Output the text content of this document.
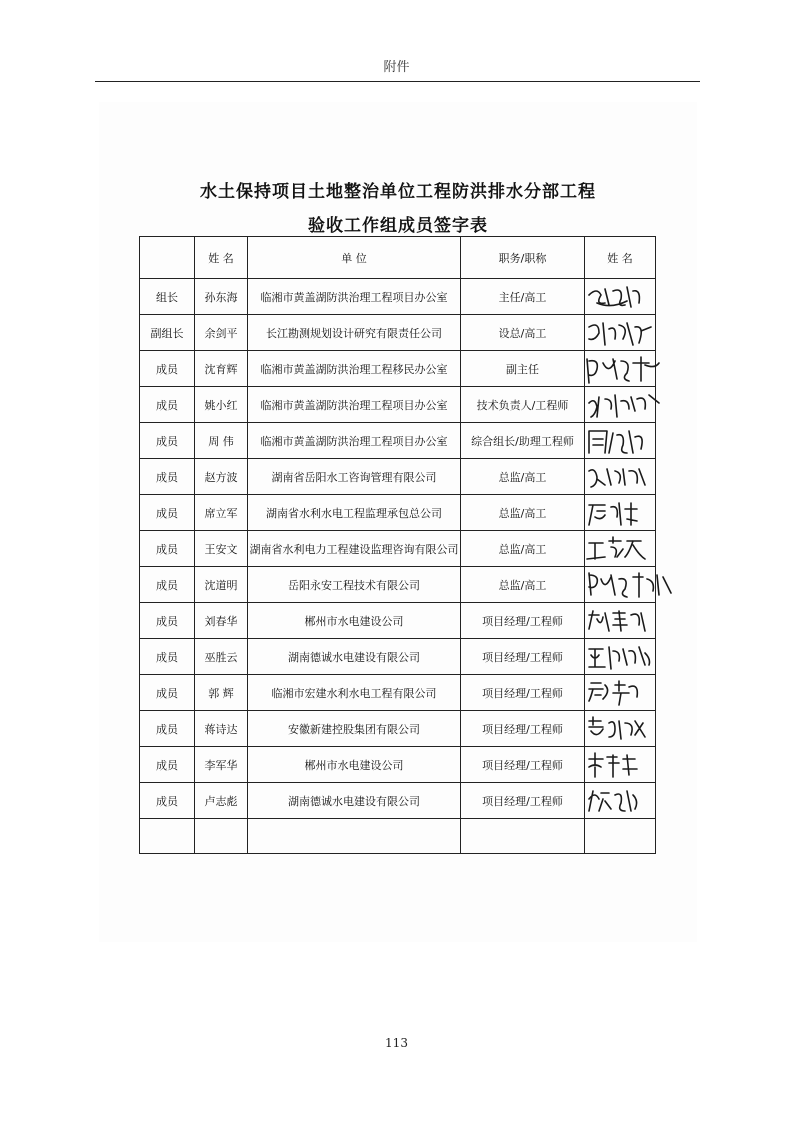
附件
水土保持项目土地整治单位工程防洪排水分部工程
验收工作组成员签字表
	姓 名	单 位	职务/职称	姓 名
组长	孙东海	临湘市黄盖湖防洪治理工程项目办公室	主任/高工	

副组长	余剑平	长江勘测规划设计研究有限责任公司	设总/高工	

成员	沈育辉	临湘市黄盖湖防洪治理工程移民办公室	副主任	

成员	姚小红	临湘市黄盖湖防洪治理工程项目办公室	技术负责人/工程师	

成员	周 伟	临湘市黄盖湖防洪治理工程项目办公室	综合组长/助理工程师	

成员	赵方波	湖南省岳阳水工咨询管理有限公司	总监/高工	

成员	席立军	湖南省水利水电工程监理承包总公司	总监/高工	

成员	王安文	湖南省水利电力工程建设监理咨询有限公司	总监/高工	

成员	沈道明	岳阳永安工程技术有限公司	总监/高工	

成员	刘春华	郴州市水电建设公司	项目经理/工程师	

成员	巫胜云	湖南德诚水电建设有限公司	项目经理/工程师	

成员	郭 辉	临湘市宏建水利水电工程有限公司	项目经理/工程师	

成员	蒋诗达	安徽新建控股集团有限公司	项目经理/工程师	

成员	李军华	郴州市水电建设公司	项目经理/工程师	

成员	卢志彪	湖南德诚水电建设有限公司	项目经理/工程师	

113
